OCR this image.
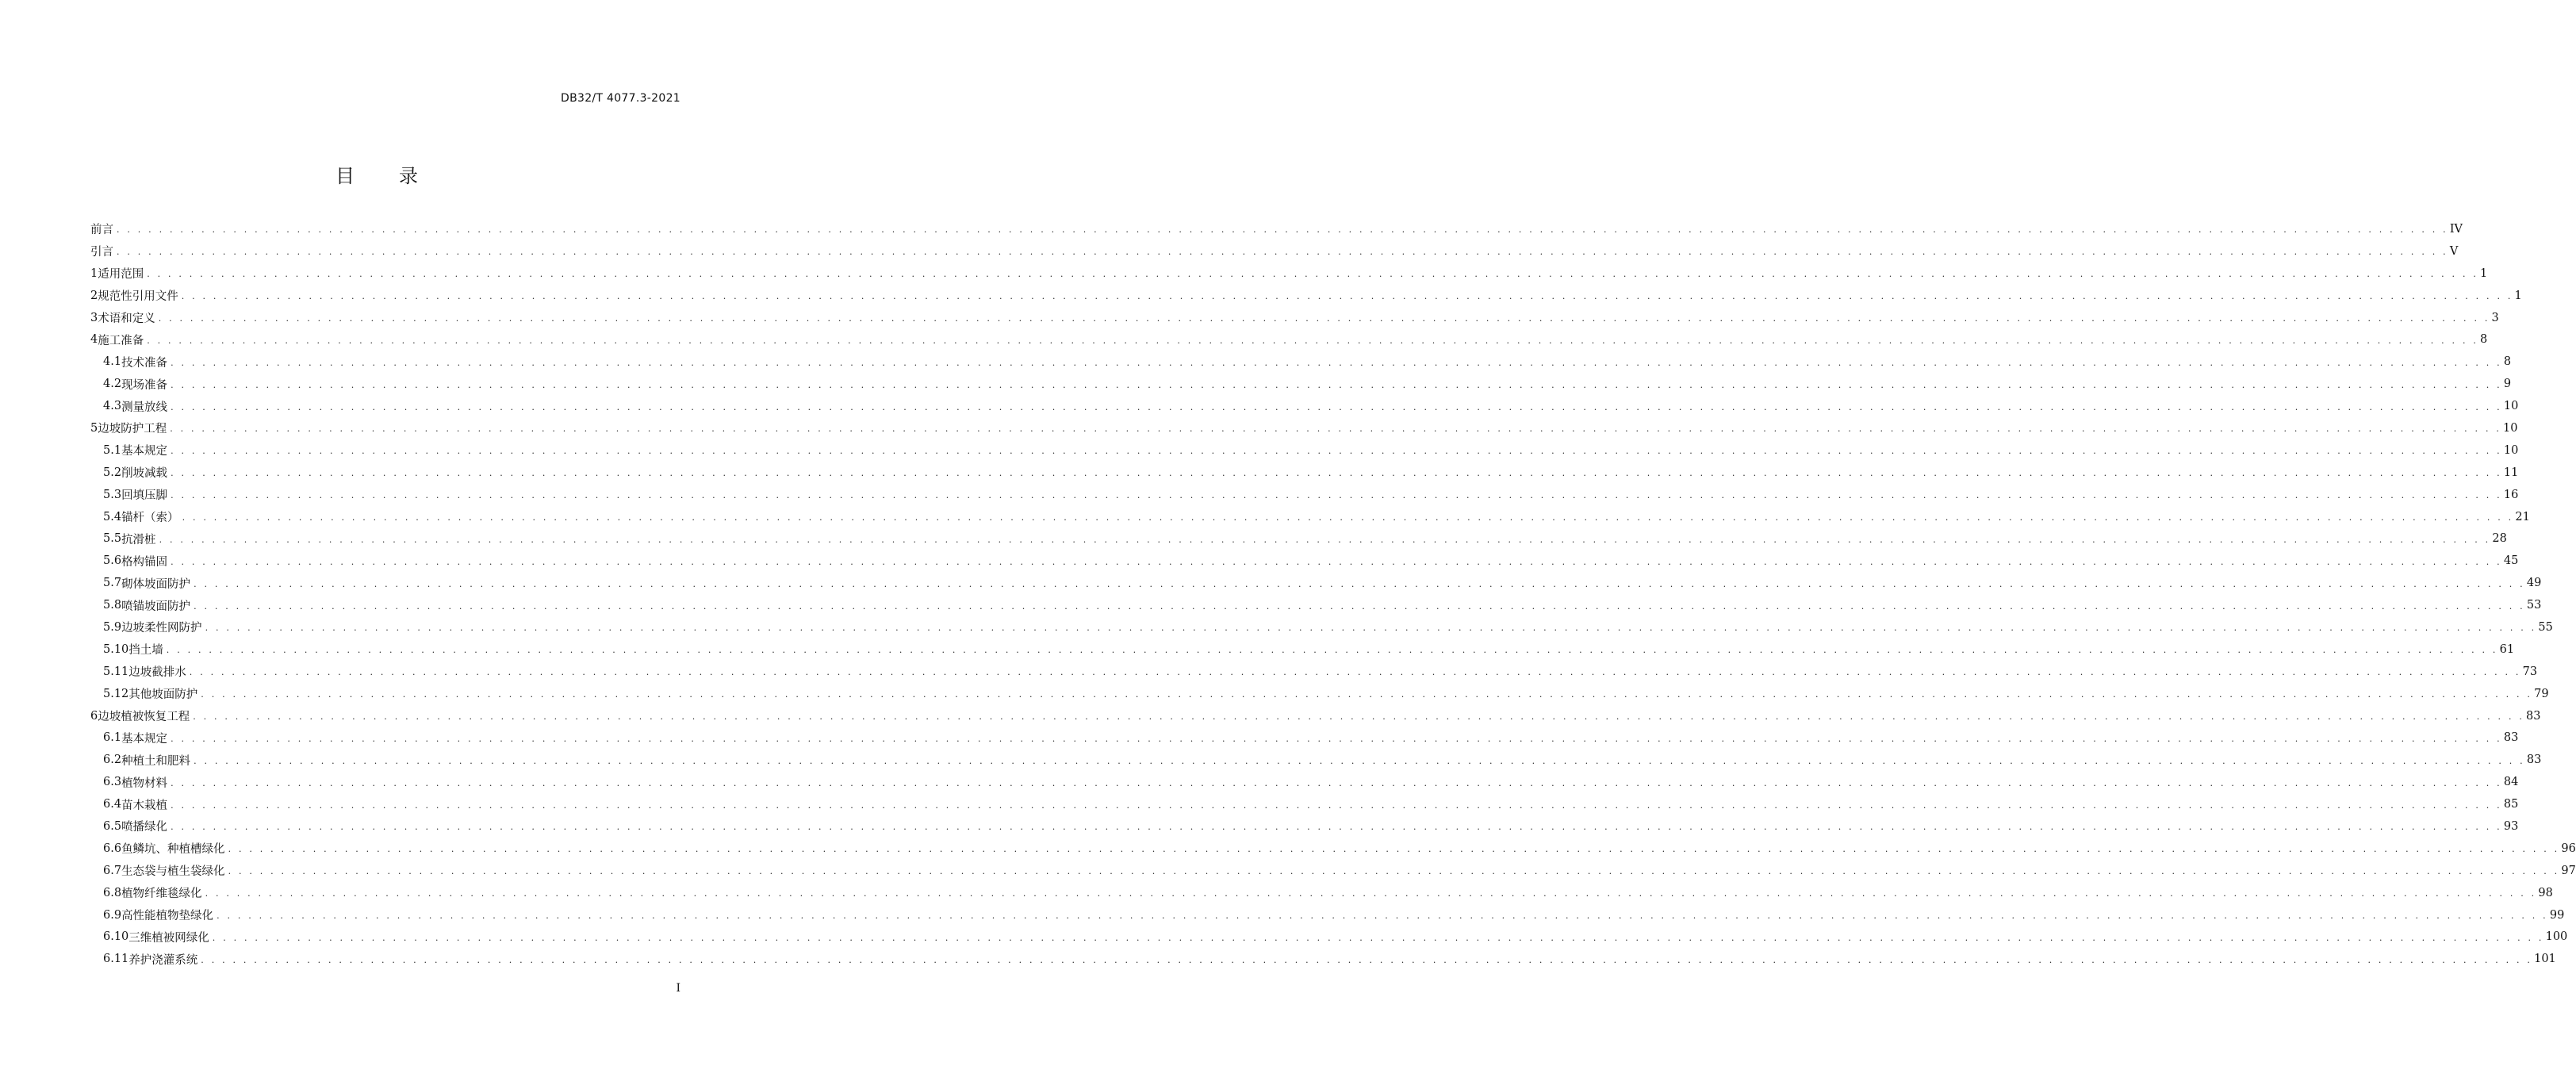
DB32/T 4077.3-2021
目 录
前言 . . . . . . . . . . . . . . . . . . . . . . . . . . . . . . . . . . . . . . . . . . . . . . . . . . . . . . . . . . . . . . . . . . . . . . . . . . . . . . . . . . . . . . . . . . . . . . . . . . . . . . . . . . . . . . . . . . . . . . . . . . . . . . . . . . . . . . . . . . . . . . . . . . . . . . . . . . . . . . . . . . . . . . . . . . . . . . . . . . . . . . . . . . . . . . . . . . . . . . . . . . . . . . . . . . . . . . . . . . . . IV
引言 . . . . . . . . . . . . . . . . . . . . . . . . . . . . . . . . . . . . . . . . . . . . . . . . . . . . . . . . . . . . . . . . . . . . . . . . . . . . . . . . . . . . . . . . . . . . . . . . . . . . . . . . . . . . . . . . . . . . . . . . . . . . . . . . . . . . . . . . . . . . . . . . . . . . . . . . . . . . . . . . . . . . . . . . . . . . . . . . . . . . . . . . . . . . . . . . . . . . . . . . . . . . . . . . . . . . . . . . . . . . V
1 适用范围 . . . . . . . . . . . . . . . . . . . . . . . . . . . . . . . . . . . . . . . . . . . . . . . . . . . . . . . . . . . . . . . . . . . . . . . . . . . . . . . . . . . . . . . . . . . . . . . . . . . . . . . . . . . . . . . . . . . . . . . . . . . . . . . . . . . . . . . . . . . . . . . . . . . . . . . . . . . . . . . . . . . . . . . . . . . . . . . . . . . . . . . . . . . . . . . . . . . . . . . . . . . . . . . . . . . . . . . . . . . . 1
2 规范性引用文件 . . . . . . . . . . . . . . . . . . . . . . . . . . . . . . . . . . . . . . . . . . . . . . . . . . . . . . . . . . . . . . . . . . . . . . . . . . . . . . . . . . . . . . . . . . . . . . . . . . . . . . . . . . . . . . . . . . . . . . . . . . . . . . . . . . . . . . . . . . . . . . . . . . . . . . . . . . . . . . . . . . . . . . . . . . . . . . . . . . . . . . . . . . . . . . . . . . . . . . . . . . . . . . . . . . . . . . . . . . . . 1
3 术语和定义 . . . . . . . . . . . . . . . . . . . . . . . . . . . . . . . . . . . . . . . . . . . . . . . . . . . . . . . . . . . . . . . . . . . . . . . . . . . . . . . . . . . . . . . . . . . . . . . . . . . . . . . . . . . . . . . . . . . . . . . . . . . . . . . . . . . . . . . . . . . . . . . . . . . . . . . . . . . . . . . . . . . . . . . . . . . . . . . . . . . . . . . . . . . . . . . . . . . . . . . . . . . . . . . . . . . . . . . . . . . . 3
4 施工准备 . . . . . . . . . . . . . . . . . . . . . . . . . . . . . . . . . . . . . . . . . . . . . . . . . . . . . . . . . . . . . . . . . . . . . . . . . . . . . . . . . . . . . . . . . . . . . . . . . . . . . . . . . . . . . . . . . . . . . . . . . . . . . . . . . . . . . . . . . . . . . . . . . . . . . . . . . . . . . . . . . . . . . . . . . . . . . . . . . . . . . . . . . . . . . . . . . . . . . . . . . . . . . . . . . . . . . . . . . . . . 8
4.1 技术准备 . . . . . . . . . . . . . . . . . . . . . . . . . . . . . . . . . . . . . . . . . . . . . . . . . . . . . . . . . . . . . . . . . . . . . . . . . . . . . . . . . . . . . . . . . . . . . . . . . . . . . . . . . . . . . . . . . . . . . . . . . . . . . . . . . . . . . . . . . . . . . . . . . . . . . . . . . . . . . . . . . . . . . . . . . . . . . . . . . . . . . . . . . . . . . . . . . . . . . . . . . . . . . . . . . . . . . . . . . . . . 8
4.2 现场准备 . . . . . . . . . . . . . . . . . . . . . . . . . . . . . . . . . . . . . . . . . . . . . . . . . . . . . . . . . . . . . . . . . . . . . . . . . . . . . . . . . . . . . . . . . . . . . . . . . . . . . . . . . . . . . . . . . . . . . . . . . . . . . . . . . . . . . . . . . . . . . . . . . . . . . . . . . . . . . . . . . . . . . . . . . . . . . . . . . . . . . . . . . . . . . . . . . . . . . . . . . . . . . . . . . . . . . . . . . . . . 9
4.3 测量放线 . . . . . . . . . . . . . . . . . . . . . . . . . . . . . . . . . . . . . . . . . . . . . . . . . . . . . . . . . . . . . . . . . . . . . . . . . . . . . . . . . . . . . . . . . . . . . . . . . . . . . . . . . . . . . . . . . . . . . . . . . . . . . . . . . . . . . . . . . . . . . . . . . . . . . . . . . . . . . . . . . . . . . . . . . . . . . . . . . . . . . . . . . . . . . . . . . . . . . . . . . . . . . . . . . . . . . . . . . . . . 10
5 边坡防护工程 . . . . . . . . . . . . . . . . . . . . . . . . . . . . . . . . . . . . . . . . . . . . . . . . . . . . . . . . . . . . . . . . . . . . . . . . . . . . . . . . . . . . . . . . . . . . . . . . . . . . . . . . . . . . . . . . . . . . . . . . . . . . . . . . . . . . . . . . . . . . . . . . . . . . . . . . . . . . . . . . . . . . . . . . . . . . . . . . . . . . . . . . . . . . . . . . . . . . . . . . . . . . . . . . . . . . . . . . . . . . 10
5.1 基本规定 . . . . . . . . . . . . . . . . . . . . . . . . . . . . . . . . . . . . . . . . . . . . . . . . . . . . . . . . . . . . . . . . . . . . . . . . . . . . . . . . . . . . . . . . . . . . . . . . . . . . . . . . . . . . . . . . . . . . . . . . . . . . . . . . . . . . . . . . . . . . . . . . . . . . . . . . . . . . . . . . . . . . . . . . . . . . . . . . . . . . . . . . . . . . . . . . . . . . . . . . . . . . . . . . . . . . . . . . . . . . 10
5.2 削坡减载 . . . . . . . . . . . . . . . . . . . . . . . . . . . . . . . . . . . . . . . . . . . . . . . . . . . . . . . . . . . . . . . . . . . . . . . . . . . . . . . . . . . . . . . . . . . . . . . . . . . . . . . . . . . . . . . . . . . . . . . . . . . . . . . . . . . . . . . . . . . . . . . . . . . . . . . . . . . . . . . . . . . . . . . . . . . . . . . . . . . . . . . . . . . . . . . . . . . . . . . . . . . . . . . . . . . . . . . . . . . . 11
5.3 回填压脚 . . . . . . . . . . . . . . . . . . . . . . . . . . . . . . . . . . . . . . . . . . . . . . . . . . . . . . . . . . . . . . . . . . . . . . . . . . . . . . . . . . . . . . . . . . . . . . . . . . . . . . . . . . . . . . . . . . . . . . . . . . . . . . . . . . . . . . . . . . . . . . . . . . . . . . . . . . . . . . . . . . . . . . . . . . . . . . . . . . . . . . . . . . . . . . . . . . . . . . . . . . . . . . . . . . . . . . . . . . . . 16
5.4 锚杆（索） . . . . . . . . . . . . . . . . . . . . . . . . . . . . . . . . . . . . . . . . . . . . . . . . . . . . . . . . . . . . . . . . . . . . . . . . . . . . . . . . . . . . . . . . . . . . . . . . . . . . . . . . . . . . . . . . . . . . . . . . . . . . . . . . . . . . . . . . . . . . . . . . . . . . . . . . . . . . . . . . . . . . . . . . . . . . . . . . . . . . . . . . . . . . . . . . . . . . . . . . . . . . . . . . . . . . . . . . . . . . 21
5.5 抗滑桩 . . . . . . . . . . . . . . . . . . . . . . . . . . . . . . . . . . . . . . . . . . . . . . . . . . . . . . . . . . . . . . . . . . . . . . . . . . . . . . . . . . . . . . . . . . . . . . . . . . . . . . . . . . . . . . . . . . . . . . . . . . . . . . . . . . . . . . . . . . . . . . . . . . . . . . . . . . . . . . . . . . . . . . . . . . . . . . . . . . . . . . . . . . . . . . . . . . . . . . . . . . . . . . . . . . . . . . . . . . . . 28
5.6 格构锚固 . . . . . . . . . . . . . . . . . . . . . . . . . . . . . . . . . . . . . . . . . . . . . . . . . . . . . . . . . . . . . . . . . . . . . . . . . . . . . . . . . . . . . . . . . . . . . . . . . . . . . . . . . . . . . . . . . . . . . . . . . . . . . . . . . . . . . . . . . . . . . . . . . . . . . . . . . . . . . . . . . . . . . . . . . . . . . . . . . . . . . . . . . . . . . . . . . . . . . . . . . . . . . . . . . . . . . . . . . . . . 45
5.7 砌体坡面防护 . . . . . . . . . . . . . . . . . . . . . . . . . . . . . . . . . . . . . . . . . . . . . . . . . . . . . . . . . . . . . . . . . . . . . . . . . . . . . . . . . . . . . . . . . . . . . . . . . . . . . . . . . . . . . . . . . . . . . . . . . . . . . . . . . . . . . . . . . . . . . . . . . . . . . . . . . . . . . . . . . . . . . . . . . . . . . . . . . . . . . . . . . . . . . . . . . . . . . . . . . . . . . . . . . . . . . . . . . . . . 49
5.8 喷锚坡面防护 . . . . . . . . . . . . . . . . . . . . . . . . . . . . . . . . . . . . . . . . . . . . . . . . . . . . . . . . . . . . . . . . . . . . . . . . . . . . . . . . . . . . . . . . . . . . . . . . . . . . . . . . . . . . . . . . . . . . . . . . . . . . . . . . . . . . . . . . . . . . . . . . . . . . . . . . . . . . . . . . . . . . . . . . . . . . . . . . . . . . . . . . . . . . . . . . . . . . . . . . . . . . . . . . . . . . . . . . . . . . 53
5.9 边坡柔性网防护 . . . . . . . . . . . . . . . . . . . . . . . . . . . . . . . . . . . . . . . . . . . . . . . . . . . . . . . . . . . . . . . . . . . . . . . . . . . . . . . . . . . . . . . . . . . . . . . . . . . . . . . . . . . . . . . . . . . . . . . . . . . . . . . . . . . . . . . . . . . . . . . . . . . . . . . . . . . . . . . . . . . . . . . . . . . . . . . . . . . . . . . . . . . . . . . . . . . . . . . . . . . . . . . . . . . . . . . . . . . . 55
5.10 挡土墙 . . . . . . . . . . . . . . . . . . . . . . . . . . . . . . . . . . . . . . . . . . . . . . . . . . . . . . . . . . . . . . . . . . . . . . . . . . . . . . . . . . . . . . . . . . . . . . . . . . . . . . . . . . . . . . . . . . . . . . . . . . . . . . . . . . . . . . . . . . . . . . . . . . . . . . . . . . . . . . . . . . . . . . . . . . . . . . . . . . . . . . . . . . . . . . . . . . . . . . . . . . . . . . . . . . . . . . . . . . . . 61
5.11 边坡截排水 . . . . . . . . . . . . . . . . . . . . . . . . . . . . . . . . . . . . . . . . . . . . . . . . . . . . . . . . . . . . . . . . . . . . . . . . . . . . . . . . . . . . . . . . . . . . . . . . . . . . . . . . . . . . . . . . . . . . . . . . . . . . . . . . . . . . . . . . . . . . . . . . . . . . . . . . . . . . . . . . . . . . . . . . . . . . . . . . . . . . . . . . . . . . . . . . . . . . . . . . . . . . . . . . . . . . . . . . . . . . 73
5.12 其他坡面防护 . . . . . . . . . . . . . . . . . . . . . . . . . . . . . . . . . . . . . . . . . . . . . . . . . . . . . . . . . . . . . . . . . . . . . . . . . . . . . . . . . . . . . . . . . . . . . . . . . . . . . . . . . . . . . . . . . . . . . . . . . . . . . . . . . . . . . . . . . . . . . . . . . . . . . . . . . . . . . . . . . . . . . . . . . . . . . . . . . . . . . . . . . . . . . . . . . . . . . . . . . . . . . . . . . . . . . . . . . . . . 79
6 边坡植被恢复工程 . . . . . . . . . . . . . . . . . . . . . . . . . . . . . . . . . . . . . . . . . . . . . . . . . . . . . . . . . . . . . . . . . . . . . . . . . . . . . . . . . . . . . . . . . . . . . . . . . . . . . . . . . . . . . . . . . . . . . . . . . . . . . . . . . . . . . . . . . . . . . . . . . . . . . . . . . . . . . . . . . . . . . . . . . . . . . . . . . . . . . . . . . . . . . . . . . . . . . . . . . . . . . . . . . . . . . . . . . . . . 83
6.1 基本规定 . . . . . . . . . . . . . . . . . . . . . . . . . . . . . . . . . . . . . . . . . . . . . . . . . . . . . . . . . . . . . . . . . . . . . . . . . . . . . . . . . . . . . . . . . . . . . . . . . . . . . . . . . . . . . . . . . . . . . . . . . . . . . . . . . . . . . . . . . . . . . . . . . . . . . . . . . . . . . . . . . . . . . . . . . . . . . . . . . . . . . . . . . . . . . . . . . . . . . . . . . . . . . . . . . . . . . . . . . . . . 83
6.2 种植土和肥料 . . . . . . . . . . . . . . . . . . . . . . . . . . . . . . . . . . . . . . . . . . . . . . . . . . . . . . . . . . . . . . . . . . . . . . . . . . . . . . . . . . . . . . . . . . . . . . . . . . . . . . . . . . . . . . . . . . . . . . . . . . . . . . . . . . . . . . . . . . . . . . . . . . . . . . . . . . . . . . . . . . . . . . . . . . . . . . . . . . . . . . . . . . . . . . . . . . . . . . . . . . . . . . . . . . . . . . . . . . . . 83
6.3 植物材料 . . . . . . . . . . . . . . . . . . . . . . . . . . . . . . . . . . . . . . . . . . . . . . . . . . . . . . . . . . . . . . . . . . . . . . . . . . . . . . . . . . . . . . . . . . . . . . . . . . . . . . . . . . . . . . . . . . . . . . . . . . . . . . . . . . . . . . . . . . . . . . . . . . . . . . . . . . . . . . . . . . . . . . . . . . . . . . . . . . . . . . . . . . . . . . . . . . . . . . . . . . . . . . . . . . . . . . . . . . . . 84
6.4 苗木栽植 . . . . . . . . . . . . . . . . . . . . . . . . . . . . . . . . . . . . . . . . . . . . . . . . . . . . . . . . . . . . . . . . . . . . . . . . . . . . . . . . . . . . . . . . . . . . . . . . . . . . . . . . . . . . . . . . . . . . . . . . . . . . . . . . . . . . . . . . . . . . . . . . . . . . . . . . . . . . . . . . . . . . . . . . . . . . . . . . . . . . . . . . . . . . . . . . . . . . . . . . . . . . . . . . . . . . . . . . . . . . 85
6.5 喷播绿化 . . . . . . . . . . . . . . . . . . . . . . . . . . . . . . . . . . . . . . . . . . . . . . . . . . . . . . . . . . . . . . . . . . . . . . . . . . . . . . . . . . . . . . . . . . . . . . . . . . . . . . . . . . . . . . . . . . . . . . . . . . . . . . . . . . . . . . . . . . . . . . . . . . . . . . . . . . . . . . . . . . . . . . . . . . . . . . . . . . . . . . . . . . . . . . . . . . . . . . . . . . . . . . . . . . . . . . . . . . . . 93
6.6 鱼鳞坑、种植槽绿化 . . . . . . . . . . . . . . . . . . . . . . . . . . . . . . . . . . . . . . . . . . . . . . . . . . . . . . . . . . . . . . . . . . . . . . . . . . . . . . . . . . . . . . . . . . . . . . . . . . . . . . . . . . . . . . . . . . . . . . . . . . . . . . . . . . . . . . . . . . . . . . . . . . . . . . . . . . . . . . . . . . . . . . . . . . . . . . . . . . . . . . . . . . . . . . . . . . . . . . . . . . . . . . . . . . . . . . . . . . . . 96
6.7 生态袋与植生袋绿化 . . . . . . . . . . . . . . . . . . . . . . . . . . . . . . . . . . . . . . . . . . . . . . . . . . . . . . . . . . . . . . . . . . . . . . . . . . . . . . . . . . . . . . . . . . . . . . . . . . . . . . . . . . . . . . . . . . . . . . . . . . . . . . . . . . . . . . . . . . . . . . . . . . . . . . . . . . . . . . . . . . . . . . . . . . . . . . . . . . . . . . . . . . . . . . . . . . . . . . . . . . . . . . . . . . . . . . . . . . . . 97
6.8 植物纤维毯绿化 . . . . . . . . . . . . . . . . . . . . . . . . . . . . . . . . . . . . . . . . . . . . . . . . . . . . . . . . . . . . . . . . . . . . . . . . . . . . . . . . . . . . . . . . . . . . . . . . . . . . . . . . . . . . . . . . . . . . . . . . . . . . . . . . . . . . . . . . . . . . . . . . . . . . . . . . . . . . . . . . . . . . . . . . . . . . . . . . . . . . . . . . . . . . . . . . . . . . . . . . . . . . . . . . . . . . . . . . . . . . 98
6.9 高性能植物垫绿化 . . . . . . . . . . . . . . . . . . . . . . . . . . . . . . . . . . . . . . . . . . . . . . . . . . . . . . . . . . . . . . . . . . . . . . . . . . . . . . . . . . . . . . . . . . . . . . . . . . . . . . . . . . . . . . . . . . . . . . . . . . . . . . . . . . . . . . . . . . . . . . . . . . . . . . . . . . . . . . . . . . . . . . . . . . . . . . . . . . . . . . . . . . . . . . . . . . . . . . . . . . . . . . . . . . . . . . . . . . . . 99
6.10 三维植被网绿化 . . . . . . . . . . . . . . . . . . . . . . . . . . . . . . . . . . . . . . . . . . . . . . . . . . . . . . . . . . . . . . . . . . . . . . . . . . . . . . . . . . . . . . . . . . . . . . . . . . . . . . . . . . . . . . . . . . . . . . . . . . . . . . . . . . . . . . . . . . . . . . . . . . . . . . . . . . . . . . . . . . . . . . . . . . . . . . . . . . . . . . . . . . . . . . . . . . . . . . . . . . . . . . . . . . . . . . . . . . . . 100
6.11 养护浇灌系统 . . . . . . . . . . . . . . . . . . . . . . . . . . . . . . . . . . . . . . . . . . . . . . . . . . . . . . . . . . . . . . . . . . . . . . . . . . . . . . . . . . . . . . . . . . . . . . . . . . . . . . . . . . . . . . . . . . . . . . . . . . . . . . . . . . . . . . . . . . . . . . . . . . . . . . . . . . . . . . . . . . . . . . . . . . . . . . . . . . . . . . . . . . . . . . . . . . . . . . . . . . . . . . . . . . . . . . . . . . . . 101
I
